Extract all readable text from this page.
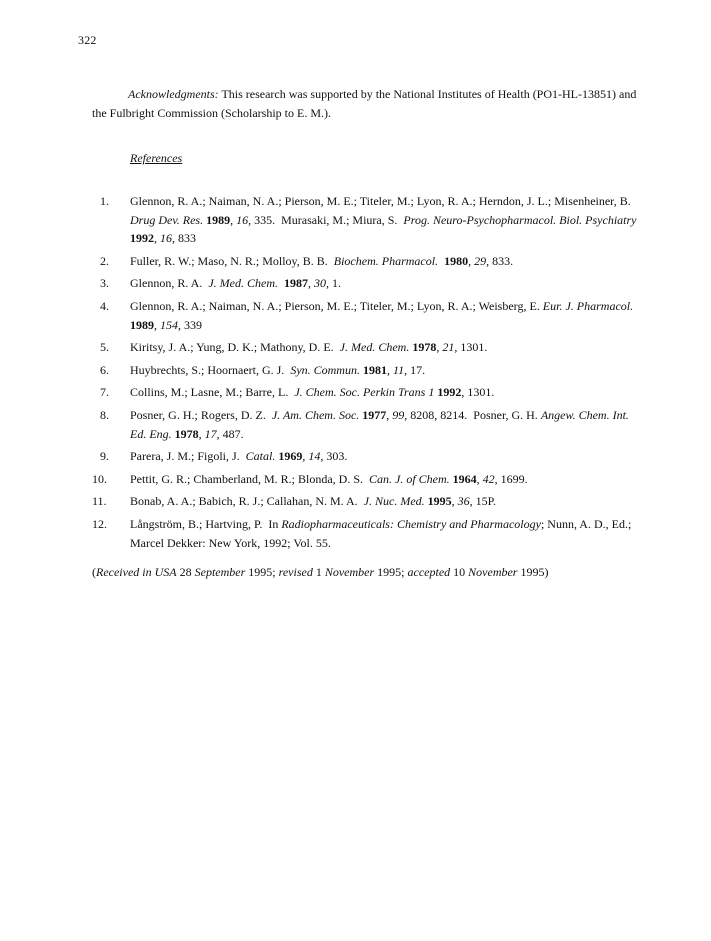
322
Acknowledgments: This research was supported by the National Institutes of Health (PO1-HL-13851) and the Fulbright Commission (Scholarship to E. M.).
References
1.	Glennon, R. A.; Naiman, N. A.; Pierson, M. E.; Titeler, M.; Lyon, R. A.; Herndon, J. L.; Misenheiner, B. Drug Dev. Res. 1989, 16, 335.  Murasaki, M.; Miura, S.  Prog. Neuro-Psychopharmacol. Biol. Psychiatry 1992, 16, 833
2.	Fuller, R. W.; Maso, N. R.; Molloy, B. B.  Biochem. Pharmacol. 1980, 29, 833.
3.	Glennon, R. A.  J. Med. Chem. 1987, 30, 1.
4.	Glennon, R. A.; Naiman, N. A.; Pierson, M. E.; Titeler, M.; Lyon, R. A.; Weisberg, E. Eur. J. Pharmacol. 1989, 154, 339
5.	Kiritsy, J. A.; Yung, D. K.; Mathony, D. E.  J. Med. Chem. 1978, 21, 1301.
6.	Huybrechts, S.; Hoornaert, G. J.  Syn. Commun. 1981, 11, 17.
7.	Collins, M.; Lasne, M.; Barre, L.  J. Chem. Soc. Perkin Trans 1 1992, 1301.
8.	Posner, G. H.; Rogers, D. Z.  J. Am. Chem. Soc. 1977, 99, 8208, 8214.  Posner, G. H. Angew. Chem. Int. Ed. Eng. 1978, 17, 487.
9.	Parera, J. M.; Figoli, J.  Catal. 1969, 14, 303.
10.	Pettit, G. R.; Chamberland, M. R.; Blonda, D. S.  Can. J. of Chem. 1964, 42, 1699.
11.	Bonab, A. A.; Babich, R. J.; Callahan, N. M. A.  J. Nuc. Med. 1995, 36, 15P.
12.	Långström, B.; Hartving, P.  In Radiopharmaceuticals: Chemistry and Pharmacology; Nunn, A. D., Ed.; Marcel Dekker: New York, 1992; Vol. 55.
(Received in USA 28 September 1995; revised 1 November 1995; accepted 10 November 1995)
